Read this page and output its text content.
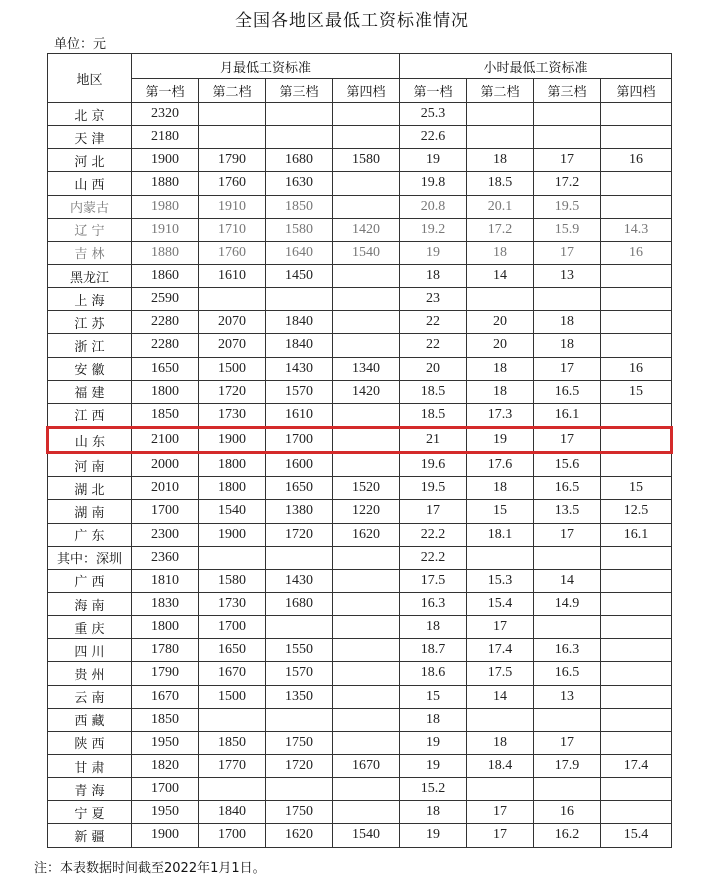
全国各地区最低工资标准情况
单位：元
地区	月最低工资标准				小时最低工资标准			
	第一档	第二档	第三档	第四档	第一档	第二档	第三档	第四档
北 京	2320				25.3			
天 津	2180				22.6			
河 北	1900	1790	1680	1580	19	18	17	16
山 西	1880	1760	1630		19.8	18.5	17.2	
内蒙古	1980	1910	1850		20.8	20.1	19.5	
辽 宁	1910	1710	1580	1420	19.2	17.2	15.9	14.3
吉 林	1880	1760	1640	1540	19	18	17	16
黑龙江	1860	1610	1450		18	14	13	
上 海	2590				23			
江 苏	2280	2070	1840		22	20	18	
浙 江	2280	2070	1840		22	20	18	
安 徽	1650	1500	1430	1340	20	18	17	16
福 建	1800	1720	1570	1420	18.5	18	16.5	15
江 西	1850	1730	1610		18.5	17.3	16.1	
山 东	2100	1900	1700		21	19	17	
河 南	2000	1800	1600		19.6	17.6	15.6	
湖 北	2010	1800	1650	1520	19.5	18	16.5	15
湖 南	1700	1540	1380	1220	17	15	13.5	12.5
广 东	2300	1900	1720	1620	22.2	18.1	17	16.1
其中：深圳	2360				22.2			
广 西	1810	1580	1430		17.5	15.3	14	
海 南	1830	1730	1680		16.3	15.4	14.9	
重 庆	1800	1700			18	17		
四 川	1780	1650	1550		18.7	17.4	16.3	
贵 州	1790	1670	1570		18.6	17.5	16.5	
云 南	1670	1500	1350		15	14	13	
西 藏	1850				18			
陕 西	1950	1850	1750		19	18	17	
甘 肃	1820	1770	1720	1670	19	18.4	17.9	17.4
青 海	1700				15.2			
宁 夏	1950	1840	1750		18	17	16	
新 疆	1900	1700	1620	1540	19	17	16.2	15.4
注：本表数据时间截至2022年1月1日。
